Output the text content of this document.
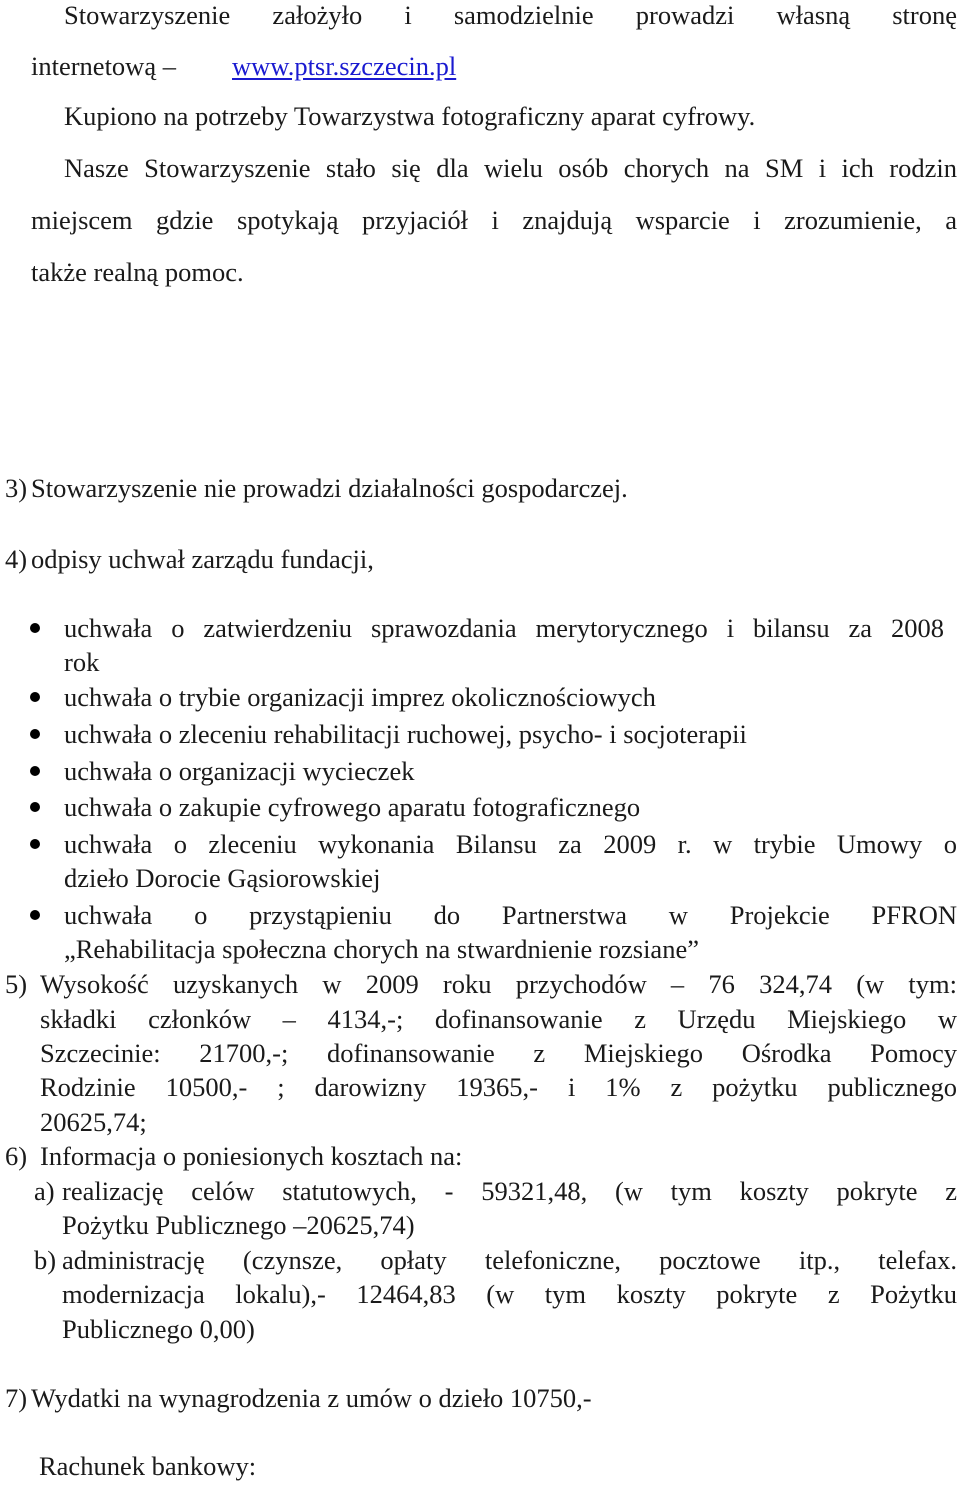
Stowarzyszenie założyło i samodzielnie prowadzi własną stronę
internetową – www.ptsr.szczecin.pl
Kupiono na potrzeby Towarzystwa fotograficzny aparat cyfrowy.
Nasze Stowarzyszenie stało się dla wielu osób chorych na SM i ich rodzin
miejscem gdzie spotykają przyjaciół i znajdują wsparcie i zrozumienie, a
także realną pomoc.
3) Stowarzyszenie nie prowadzi działalności gospodarczej.
4) odpisy uchwał zarządu fundacji,
uchwała o zatwierdzeniu sprawozdania merytorycznego i bilansu za 2008
rok
uchwała o trybie organizacji imprez okolicznościowych
uchwała o zleceniu rehabilitacji ruchowej, psycho- i socjoterapii
uchwała o organizacji wycieczek
uchwała o zakupie cyfrowego aparatu fotograficznego
uchwała o zleceniu wykonania Bilansu za 2009 r. w trybie Umowy o
dzieło Dorocie Gąsiorowskiej
uchwała o przystąpieniu do Partnerstwa w Projekcie PFRON
„Rehabilitacja społeczna chorych na stwardnienie rozsiane”
5) Wysokość uzyskanych w 2009 roku przychodów – 76 324,74 (w tym:
składki członków – 4134,-; dofinansowanie z Urzędu Miejskiego w
Szczecinie: 21700,-; dofinansowanie z Miejskiego Ośrodka Pomocy
Rodzinie 10500,- ; darowizny 19365,- i 1% z pożytku publicznego
20625,74;
6) Informacja o poniesionych kosztach na:
a) realizację celów statutowych, - 59321,48, (w tym koszty pokryte z
Pożytku Publicznego –20625,74)
b) administrację (czynsze, opłaty telefoniczne, pocztowe itp., telefax.
modernizacja lokalu),- 12464,83 (w tym koszty pokryte z Pożytku
Publicznego 0,00)
7) Wydatki na wynagrodzenia z umów o dzieło 10750,-
Rachunek bankowy:
